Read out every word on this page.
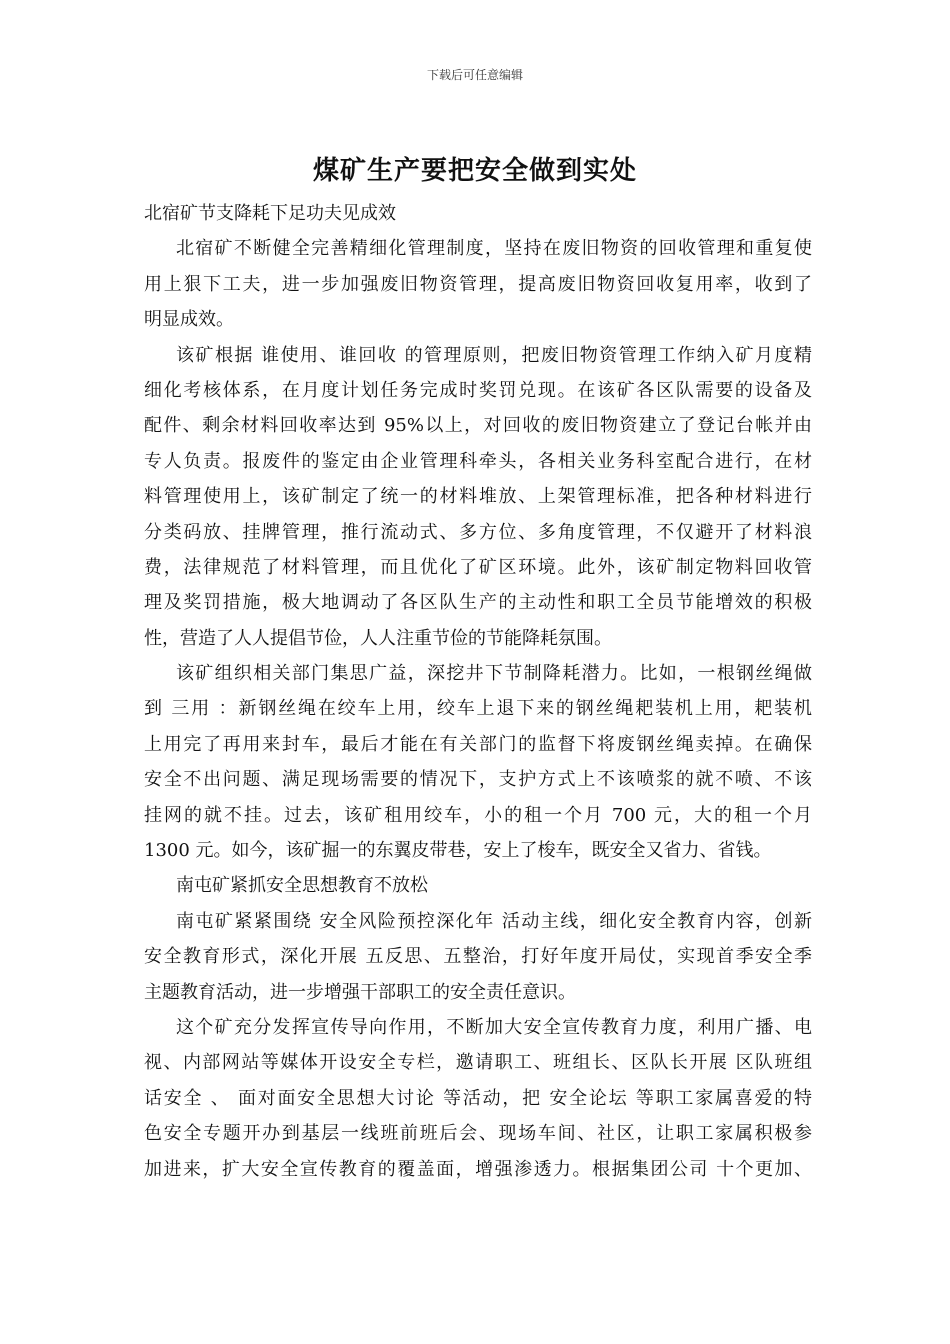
下载后可任意编辑
煤矿生产要把安全做到实处
北宿矿节支降耗下足功夫见成效
北宿矿不断健全完善精细化管理制度，坚持在废旧物资的回收管理和重复使
用上狠下工夫，进一步加强废旧物资管理，提高废旧物资回收复用率，收到了
明显成效。
该矿根据 谁使用、谁回收 的管理原则，把废旧物资管理工作纳入矿月度精
细化考核体系，在月度计划任务完成时奖罚兑现。在该矿各区队需要的设备及
配件、剩余材料回收率达到 95%以上，对回收的废旧物资建立了登记台帐并由
专人负责。报废件的鉴定由企业管理科牵头，各相关业务科室配合进行，在材
料管理使用上，该矿制定了统一的材料堆放、上架管理标准，把各种材料进行
分类码放、挂牌管理，推行流动式、多方位、多角度管理，不仅避开了材料浪
费，法律规范了材料管理，而且优化了矿区环境。此外，该矿制定物料回收管
理及奖罚措施，极大地调动了各区队生产的主动性和职工全员节能增效的积极
性，营造了人人提倡节俭，人人注重节俭的节能降耗氛围。
该矿组织相关部门集思广益，深挖井下节制降耗潜力。比如，一根钢丝绳做
到 三用 ：新钢丝绳在绞车上用，绞车上退下来的钢丝绳耙装机上用，耙装机
上用完了再用来封车，最后才能在有关部门的监督下将废钢丝绳卖掉。在确保
安全不出问题、满足现场需要的情况下，支护方式上不该喷浆的就不喷、不该
挂网的就不挂。过去，该矿租用绞车，小的租一个月 700 元，大的租一个月
1300 元。如今，该矿掘一的东翼皮带巷，安上了梭车，既安全又省力、省钱。
南屯矿紧抓安全思想教育不放松
南屯矿紧紧围绕 安全风险预控深化年 活动主线，细化安全教育内容，创新
安全教育形式，深化开展 五反思、五整治，打好年度开局仗，实现首季安全季
主题教育活动，进一步增强干部职工的安全责任意识。
这个矿充分发挥宣传导向作用，不断加大安全宣传教育力度，利用广播、电
视、内部网站等媒体开设安全专栏，邀请职工、班组长、区队长开展 区队班组
话安全 、 面对面安全思想大讨论 等活动，把 安全论坛 等职工家属喜爱的特
色安全专题开办到基层一线班前班后会、现场车间、社区，让职工家属积极参
加进来，扩大安全宣传教育的覆盖面，增强渗透力。根据集团公司 十个更加、
